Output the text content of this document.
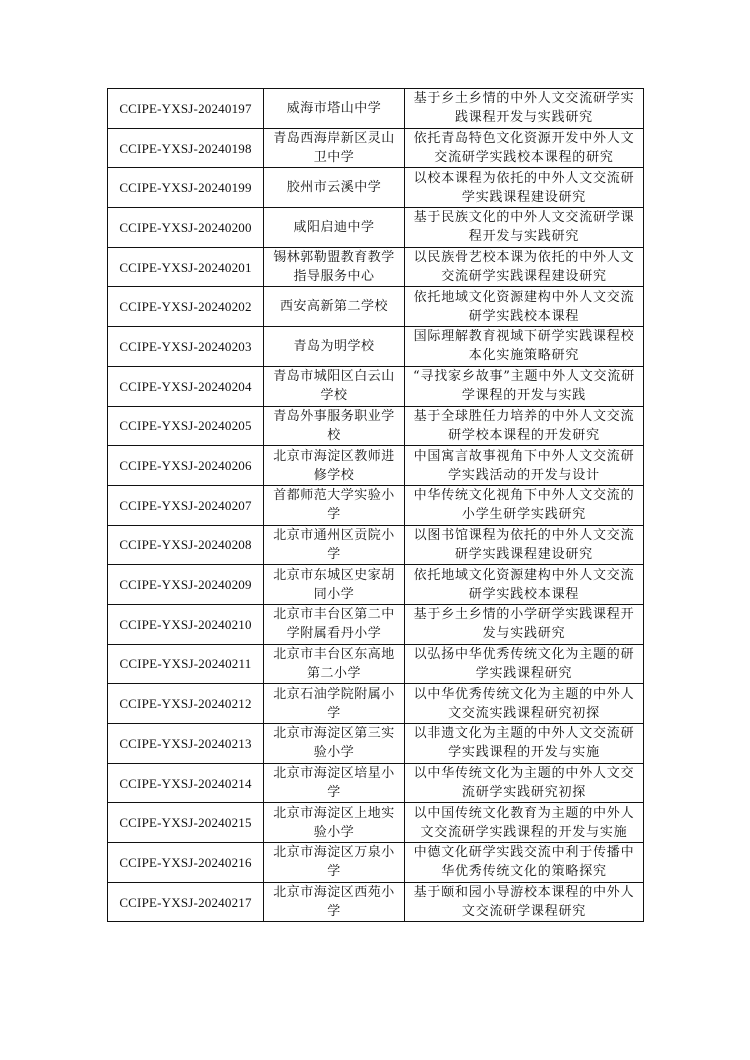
CCIPE-YXSJ-20240197	威海市塔山中学	基于乡土乡情的中外人文交流研学实践课程开发与实践研究
CCIPE-YXSJ-20240198	青岛西海岸新区灵山卫中学	依托青岛特色文化资源开发中外人文交流研学实践校本课程的研究
CCIPE-YXSJ-20240199	胶州市云溪中学	以校本课程为依托的中外人文交流研学实践课程建设研究
CCIPE-YXSJ-20240200	咸阳启迪中学	基于民族文化的中外人文交流研学课程开发与实践研究
CCIPE-YXSJ-20240201	锡林郭勒盟教育教学指导服务中心	以民族骨艺校本课为依托的中外人文交流研学实践课程建设研究
CCIPE-YXSJ-20240202	西安高新第二学校	依托地域文化资源建构中外人文交流研学实践校本课程
CCIPE-YXSJ-20240203	青岛为明学校	国际理解教育视域下研学实践课程校本化实施策略研究
CCIPE-YXSJ-20240204	青岛市城阳区白云山学校	“寻找家乡故事”主题中外人文交流研学课程的开发与实践
CCIPE-YXSJ-20240205	青岛外事服务职业学校	基于全球胜任力培养的中外人文交流研学校本课程的开发研究
CCIPE-YXSJ-20240206	北京市海淀区教师进修学校	中国寓言故事视角下中外人文交流研学实践活动的开发与设计
CCIPE-YXSJ-20240207	首都师范大学实验小学	中华传统文化视角下中外人文交流的小学生研学实践研究
CCIPE-YXSJ-20240208	北京市通州区贡院小学	以图书馆课程为依托的中外人文交流研学实践课程建设研究
CCIPE-YXSJ-20240209	北京市东城区史家胡同小学	依托地域文化资源建构中外人文交流研学实践校本课程
CCIPE-YXSJ-20240210	北京市丰台区第二中学附属看丹小学	基于乡土乡情的小学研学实践课程开发与实践研究
CCIPE-YXSJ-20240211	北京市丰台区东高地第二小学	以弘扬中华优秀传统文化为主题的研学实践课程研究
CCIPE-YXSJ-20240212	北京石油学院附属小学	以中华优秀传统文化为主题的中外人文交流实践课程研究初探
CCIPE-YXSJ-20240213	北京市海淀区第三实验小学	以非遗文化为主题的中外人文交流研学实践课程的开发与实施
CCIPE-YXSJ-20240214	北京市海淀区培星小学	以中华传统文化为主题的中外人文交流研学实践研究初探
CCIPE-YXSJ-20240215	北京市海淀区上地实验小学	以中国传统文化教育为主题的中外人文交流研学实践课程的开发与实施
CCIPE-YXSJ-20240216	北京市海淀区万泉小学	中德文化研学实践交流中利于传播中华优秀传统文化的策略探究
CCIPE-YXSJ-20240217	北京市海淀区西苑小学	基于颐和园小导游校本课程的中外人文交流研学课程研究
